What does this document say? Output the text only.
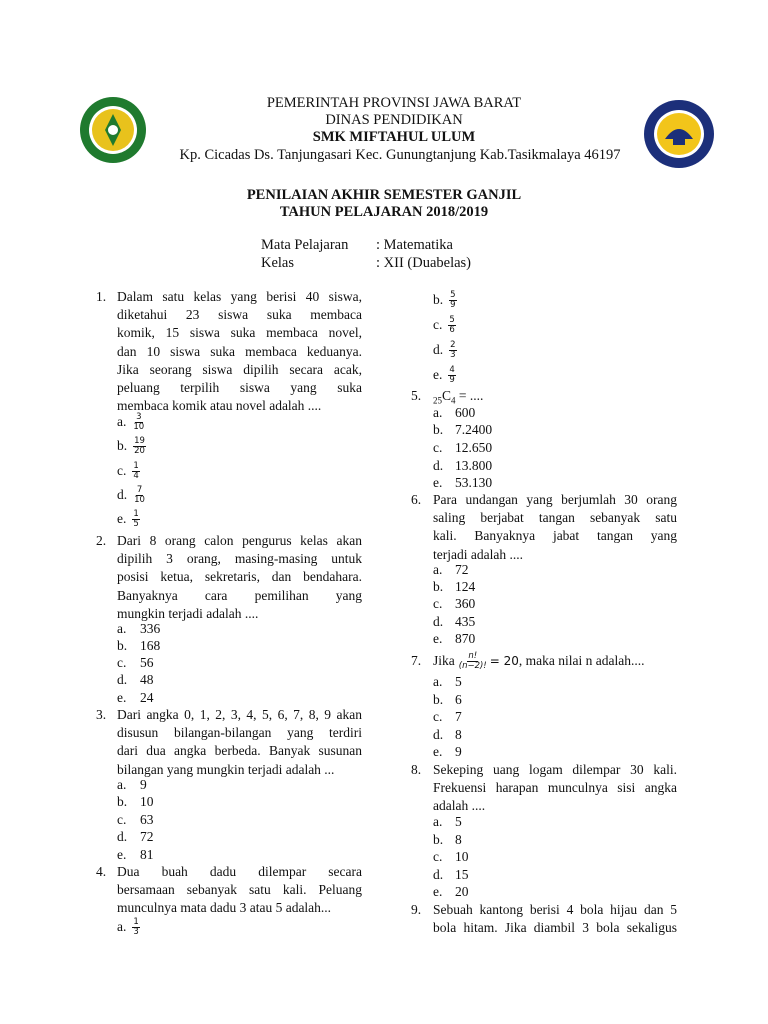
PEMERINTAH PROVINSI JAWA BARAT
DINAS PENDIDIKAN
SMK MIFTAHUL ULUM
Kp. Cicadas Ds. Tanjungasari Kec. Gunungtanjung Kab.Tasikmalaya 46197
PENILAIAN AKHIR SEMESTER GANJIL
TAHUN PELAJARAN 2018/2019
Mata Pelajaran : Matematika
Kelas	: XII (Duabelas)
1. Dalam satu kelas yang berisi 40 siswa,
diketahui 23 siswa suka membaca
komik, 15 siswa suka membaca novel,
dan 10 siswa suka membaca keduanya.
Jika seorang siswa dipilih secara acak,
peluang terpilih siswa yang suka
membaca komik atau novel adalah ....
a. $\frac{3}{10}$
b. $\frac{19}{20}$
c. $\frac{1}{4}$
d. $\frac{7}{10}$
e. $\frac{1}{5}$
2. Dari 8 orang calon pengurus kelas akan
dipilih 3 orang, masing-masing untuk
posisi ketua, sekretaris, dan bendahara.
Banyaknya cara pemilihan yang
mungkin terjadi adalah ....
a. 336
b. 168
c. 56
d. 48
e. 24
3. Dari angka 0, 1, 2, 3, 4, 5, 6, 7, 8, 9 akan
disusun bilangan-bilangan yang terdiri
dari dua angka berbeda. Banyak susunan
bilangan yang mungkin terjadi adalah ...
a. 9
b. 10
c. 63
d. 72
e. 81
4. Dua buah dadu dilempar secara
bersamaan sebanyak satu kali. Peluang
munculnya mata dadu 3 atau 5 adalah...
a. $\frac{1}{3}$
b. $\frac{5}{9}$
c. $\frac{5}{6}$
d. $\frac{2}{3}$
e. $\frac{4}{9}$
5. $_{25}C_4$ = ....
a. 600
b. 7.2400
c. 12.650
d. 13.800
e. 53.130
6. Para undangan yang berjumlah 30 orang
saling berjabat tangan sebanyak satu
kali. Banyaknya jabat tangan yang
terjadi adalah ....
a. 72
b. 124
c. 360
d. 435
e. 870
7. Jika $\frac{n!}{(n-2)!} = 20$, maka nilai n adalah....
a. 5
b. 6
c. 7
d. 8
e. 9
8. Sekeping uang logam dilempar 30 kali.
Frekuensi harapan munculnya sisi angka
adalah ....
a. 5
b. 8
c. 10
d. 15
e. 20
9. Sebuah kantong berisi 4 bola hijau dan 5
bola hitam. Jika diambil 3 bola sekaligus
